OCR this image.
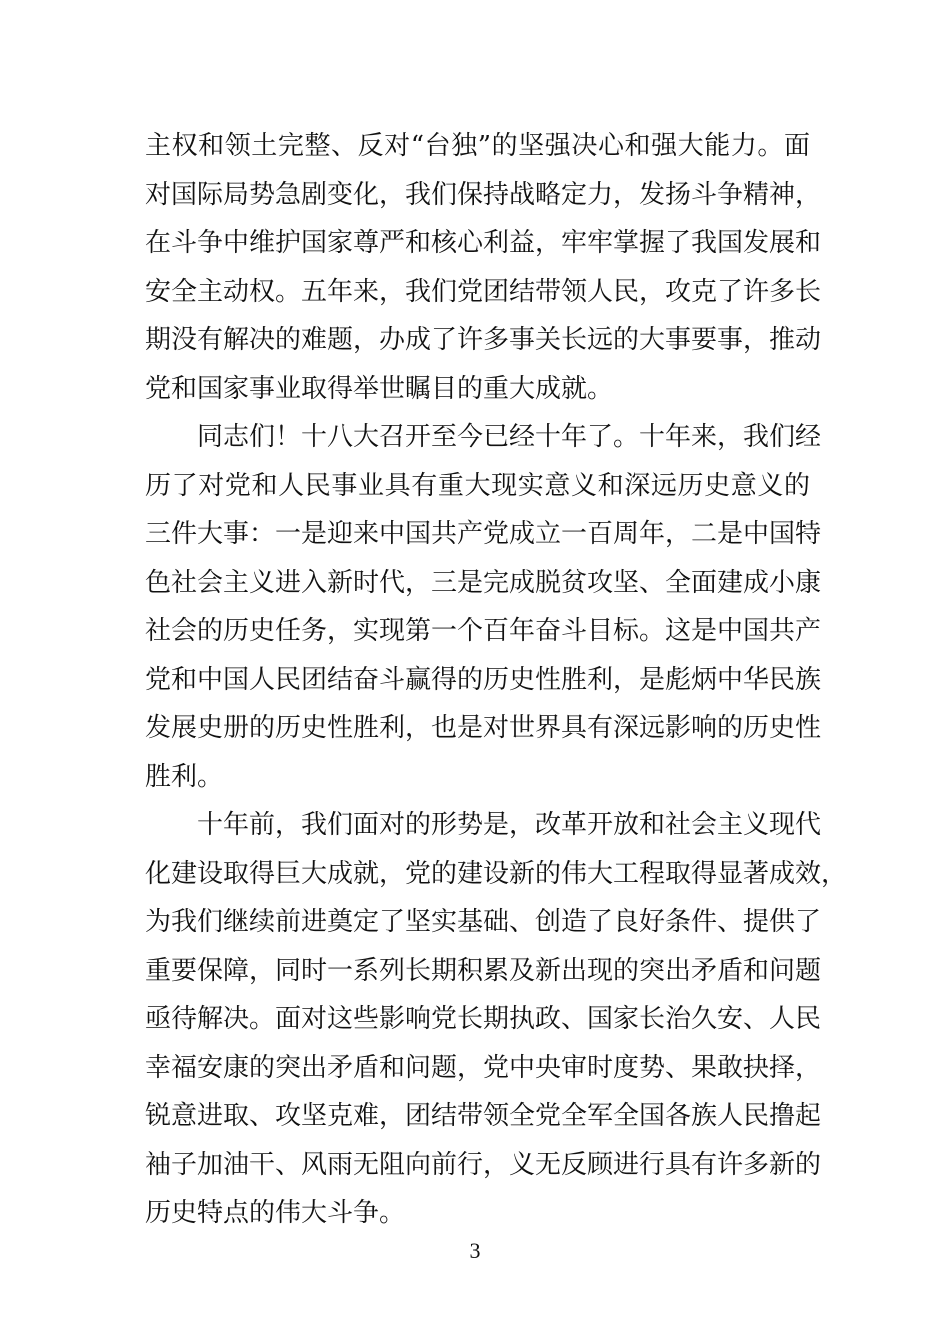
主权和领土完整、反对“台独”的坚强决心和强大能力。面
对国际局势急剧变化，我们保持战略定力，发扬斗争精神，
在斗争中维护国家尊严和核心利益，牢牢掌握了我国发展和
安全主动权。五年来，我们党团结带领人民，攻克了许多长
期没有解决的难题，办成了许多事关长远的大事要事，推动
党和国家事业取得举世瞩目的重大成就。
同志们！十八大召开至今已经十年了。十年来，我们经
历了对党和人民事业具有重大现实意义和深远历史意义的
三件大事：一是迎来中国共产党成立一百周年，二是中国特
色社会主义进入新时代，三是完成脱贫攻坚、全面建成小康
社会的历史任务，实现第一个百年奋斗目标。这是中国共产
党和中国人民团结奋斗赢得的历史性胜利，是彪炳中华民族
发展史册的历史性胜利，也是对世界具有深远影响的历史性
胜利。
十年前，我们面对的形势是，改革开放和社会主义现代
化建设取得巨大成就，党的建设新的伟大工程取得显著成效，
为我们继续前进奠定了坚实基础、创造了良好条件、提供了
重要保障，同时一系列长期积累及新出现的突出矛盾和问题
亟待解决。面对这些影响党长期执政、国家长治久安、人民
幸福安康的突出矛盾和问题，党中央审时度势、果敢抉择，
锐意进取、攻坚克难，团结带领全党全军全国各族人民撸起
袖子加油干、风雨无阻向前行，义无反顾进行具有许多新的
历史特点的伟大斗争。
3
